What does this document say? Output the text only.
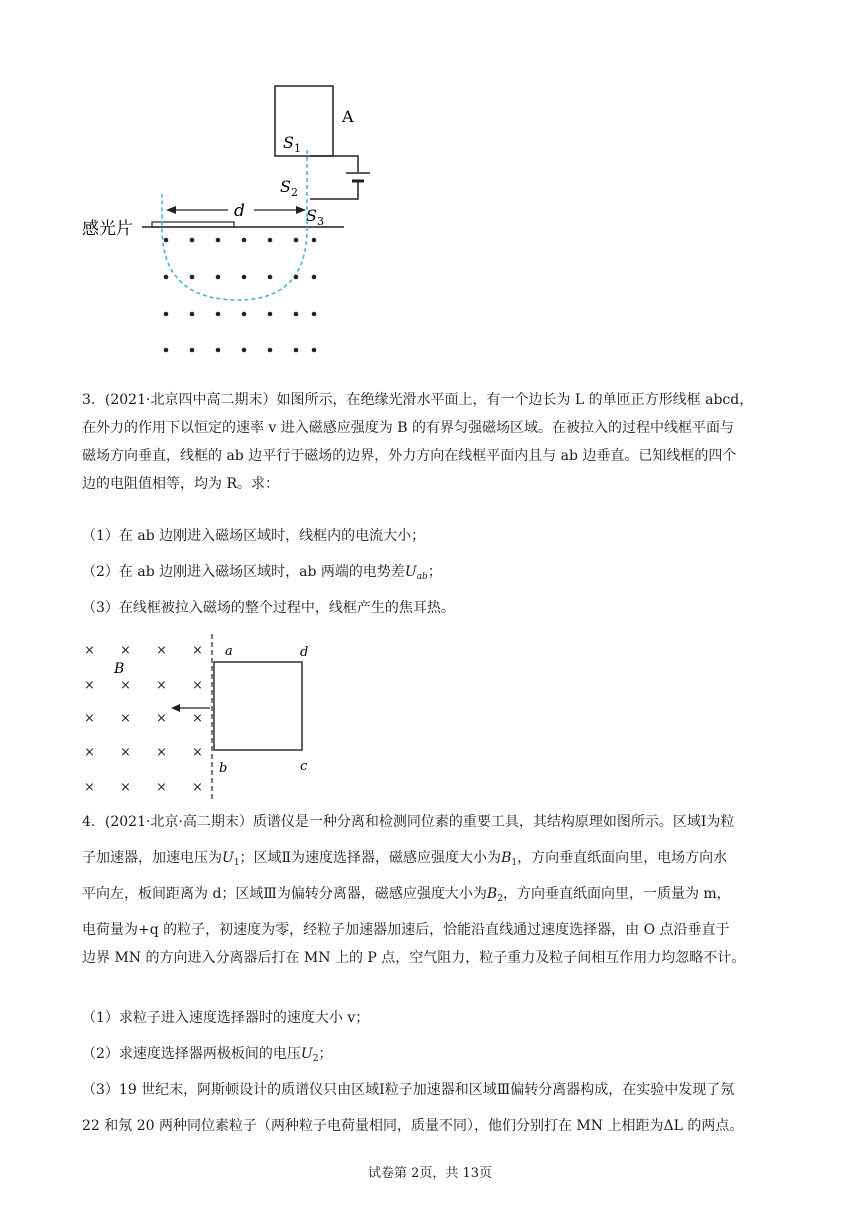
A
$S_1$
$S_2$
$S_3$
感光片
d
3．(2021·北京四中高二期末）如图所示，在绝缘光滑水平面上，有一个边长为 L 的单匝正方形线框 abcd，
在外力的作用下以恒定的速率 v 进入磁感应强度为 B 的有界匀强磁场区域。在被拉入的过程中线框平面与
磁场方向垂直，线框的 ab 边平行于磁场的边界，外力方向在线框平面内且与 ab 边垂直。已知线框的四个
边的电阻值相等，均为 R。求：
（1）在 ab 边刚进入磁场区域时，线框内的电流大小；
（2）在 ab 边刚进入磁场区域时，ab 两端的电势差$U_{ab}$；
（3）在线框被拉入磁场的整个过程中，线框产生的焦耳热。
× × × ×
× × × ×
× × × ×
× × × ×
× × × ×
B
a	d
b	c
4．(2021·北京·高二期末）质谱仪是一种分离和检测同位素的重要工具，其结构原理如图所示。区域Ⅰ为粒
子加速器，加速电压为$U_1$；区域Ⅱ为速度选择器，磁感应强度大小为$B_1$，方向垂直纸面向里，电场方向水
平向左，板间距离为 d；区域Ⅲ为偏转分离器，磁感应强度大小为$B_2$，方向垂直纸面向里，一质量为 m，
电荷量为+q 的粒子，初速度为零，经粒子加速器加速后，恰能沿直线通过速度选择器，由 O 点沿垂直于
边界 MN 的方向进入分离器后打在 MN 上的 P 点，空气阻力，粒子重力及粒子间相互作用力均忽略不计。
（1）求粒子进入速度选择器时的速度大小 v；
（2）求速度选择器两极板间的电压$U_2$；
（3）19 世纪末，阿斯顿设计的质谱仪只由区域Ⅰ粒子加速器和区域Ⅲ偏转分离器构成，在实验中发现了氖
22 和氖 20 两种同位素粒子（两种粒子电荷量相同，质量不同），他们分别打在 MN 上相距为ΔL 的两点。
试卷第 2页，共 13页
